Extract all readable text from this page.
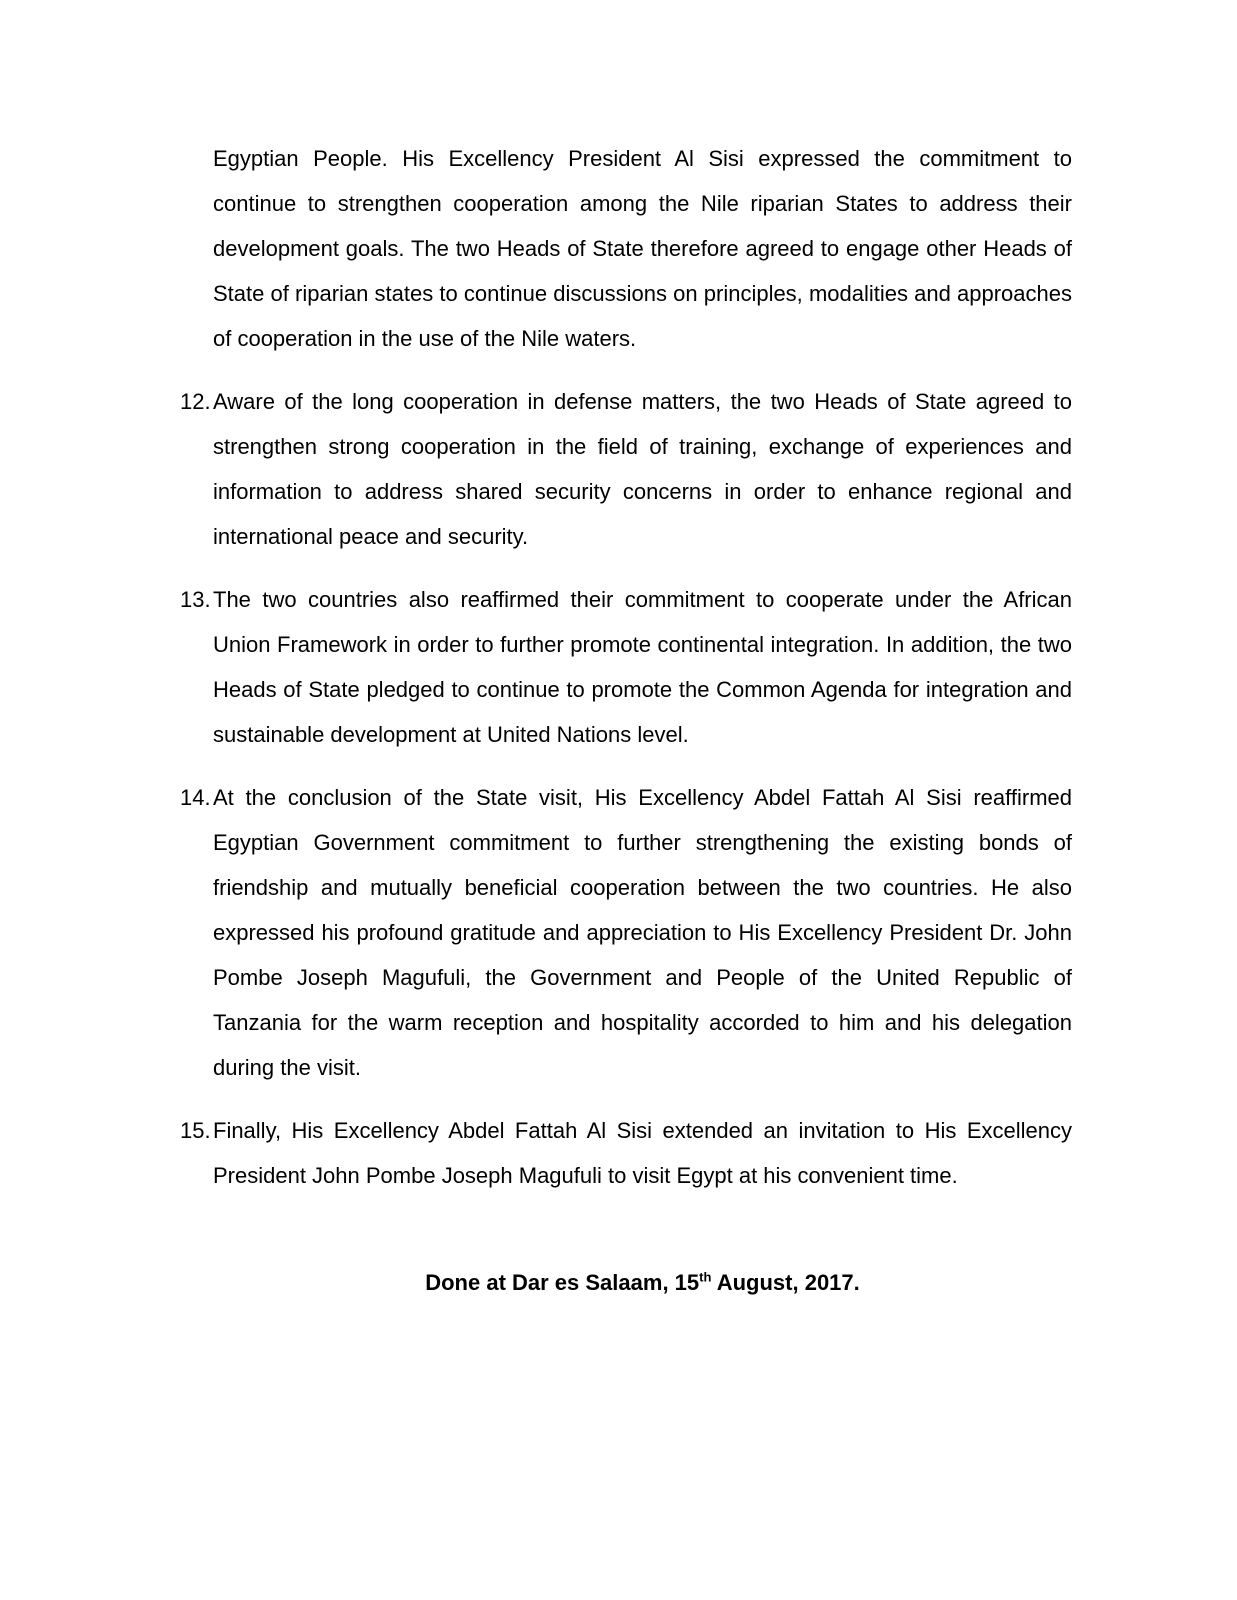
Egyptian People. His Excellency President Al Sisi expressed the commitment to continue to strengthen cooperation among the Nile riparian States to address their development goals. The two Heads of State therefore agreed to engage other Heads of State of riparian states to continue discussions on principles, modalities and approaches of cooperation in the use of the Nile waters.

12. Aware of the long cooperation in defense matters, the two Heads of State agreed to strengthen strong cooperation in the field of training, exchange of experiences and information to address shared security concerns in order to enhance regional and international peace and security.

13. The two countries also reaffirmed their commitment to cooperate under the African Union Framework in order to further promote continental integration. In addition, the two Heads of State pledged to continue to promote the Common Agenda for integration and sustainable development at United Nations level.

14. At the conclusion of the State visit, His Excellency Abdel Fattah Al Sisi reaffirmed Egyptian Government commitment to further strengthening the existing bonds of friendship and mutually beneficial cooperation between the two countries. He also expressed his profound gratitude and appreciation to His Excellency President Dr. John Pombe Joseph Magufuli, the Government and People of the United Republic of Tanzania for the warm reception and hospitality accorded to him and his delegation during the visit.

15. Finally, His Excellency Abdel Fattah Al Sisi extended an invitation to His Excellency President John Pombe Joseph Magufuli to visit Egypt at his convenient time.

Done at Dar es Salaam, 15th August, 2017.
